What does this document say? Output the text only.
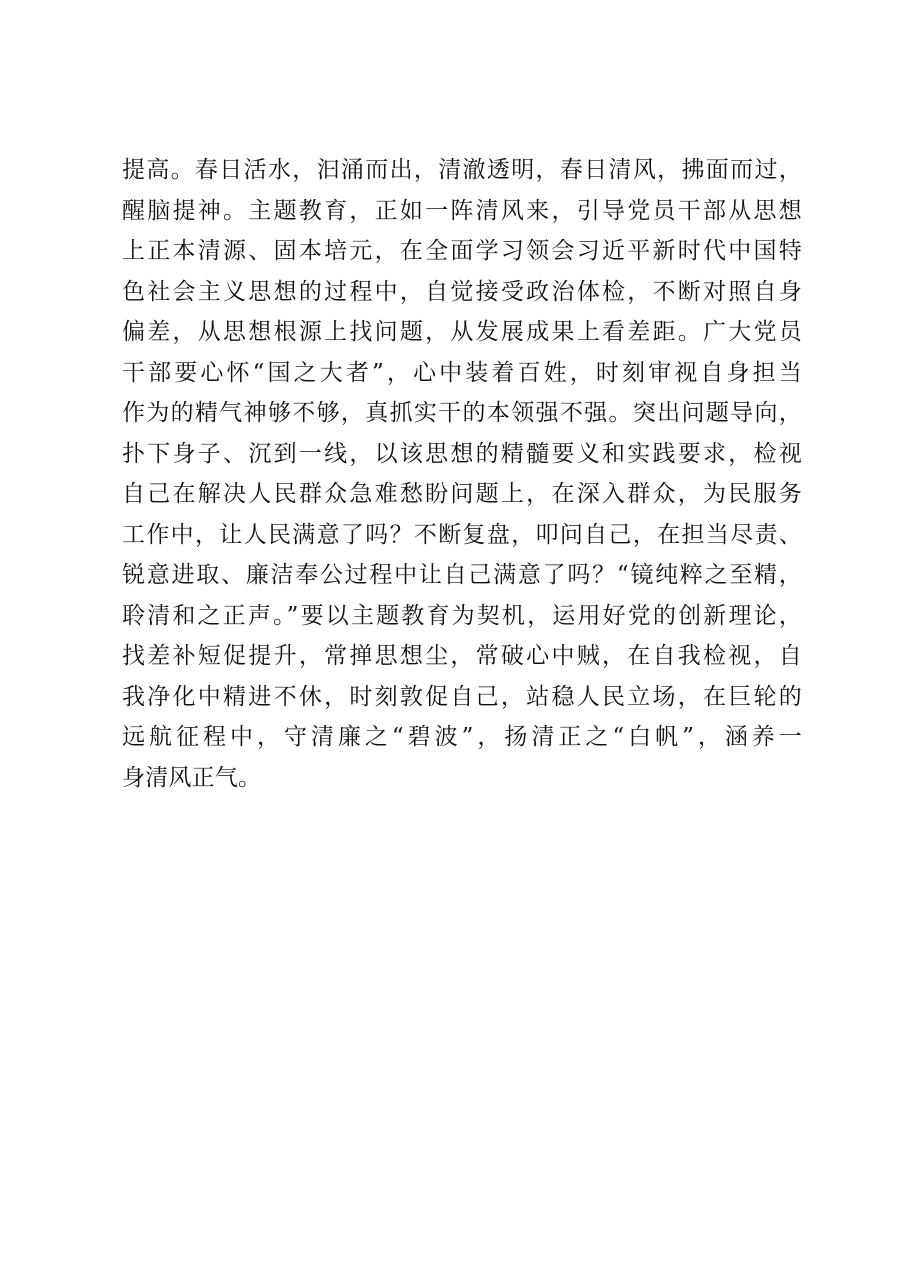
提高。春日活水，汩涌而出，清澈透明，春日清风，拂面而过，
醒脑提神。主题教育，正如一阵清风来，引导党员干部从思想
上正本清源、固本培元，在全面学习领会习近平新时代中国特
色社会主义思想的过程中，自觉接受政治体检，不断对照自身
偏差，从思想根源上找问题，从发展成果上看差距。广大党员
干部要心怀“国之大者”，心中装着百姓，时刻审视自身担当
作为的精气神够不够，真抓实干的本领强不强。突出问题导向，
扑下身子、沉到一线，以该思想的精髓要义和实践要求，检视
自己在解决人民群众急难愁盼问题上，在深入群众，为民服务
工作中，让人民满意了吗？不断复盘，叩问自己，在担当尽责、
锐意进取、廉洁奉公过程中让自己满意了吗？“镜纯粹之至精，
聆清和之正声。”要以主题教育为契机，运用好党的创新理论，
找差补短促提升，常掸思想尘，常破心中贼，在自我检视，自
我净化中精进不休，时刻敦促自己，站稳人民立场，在巨轮的
远航征程中，守清廉之“碧波”，扬清正之“白帆”，涵养一
身清风正气。
